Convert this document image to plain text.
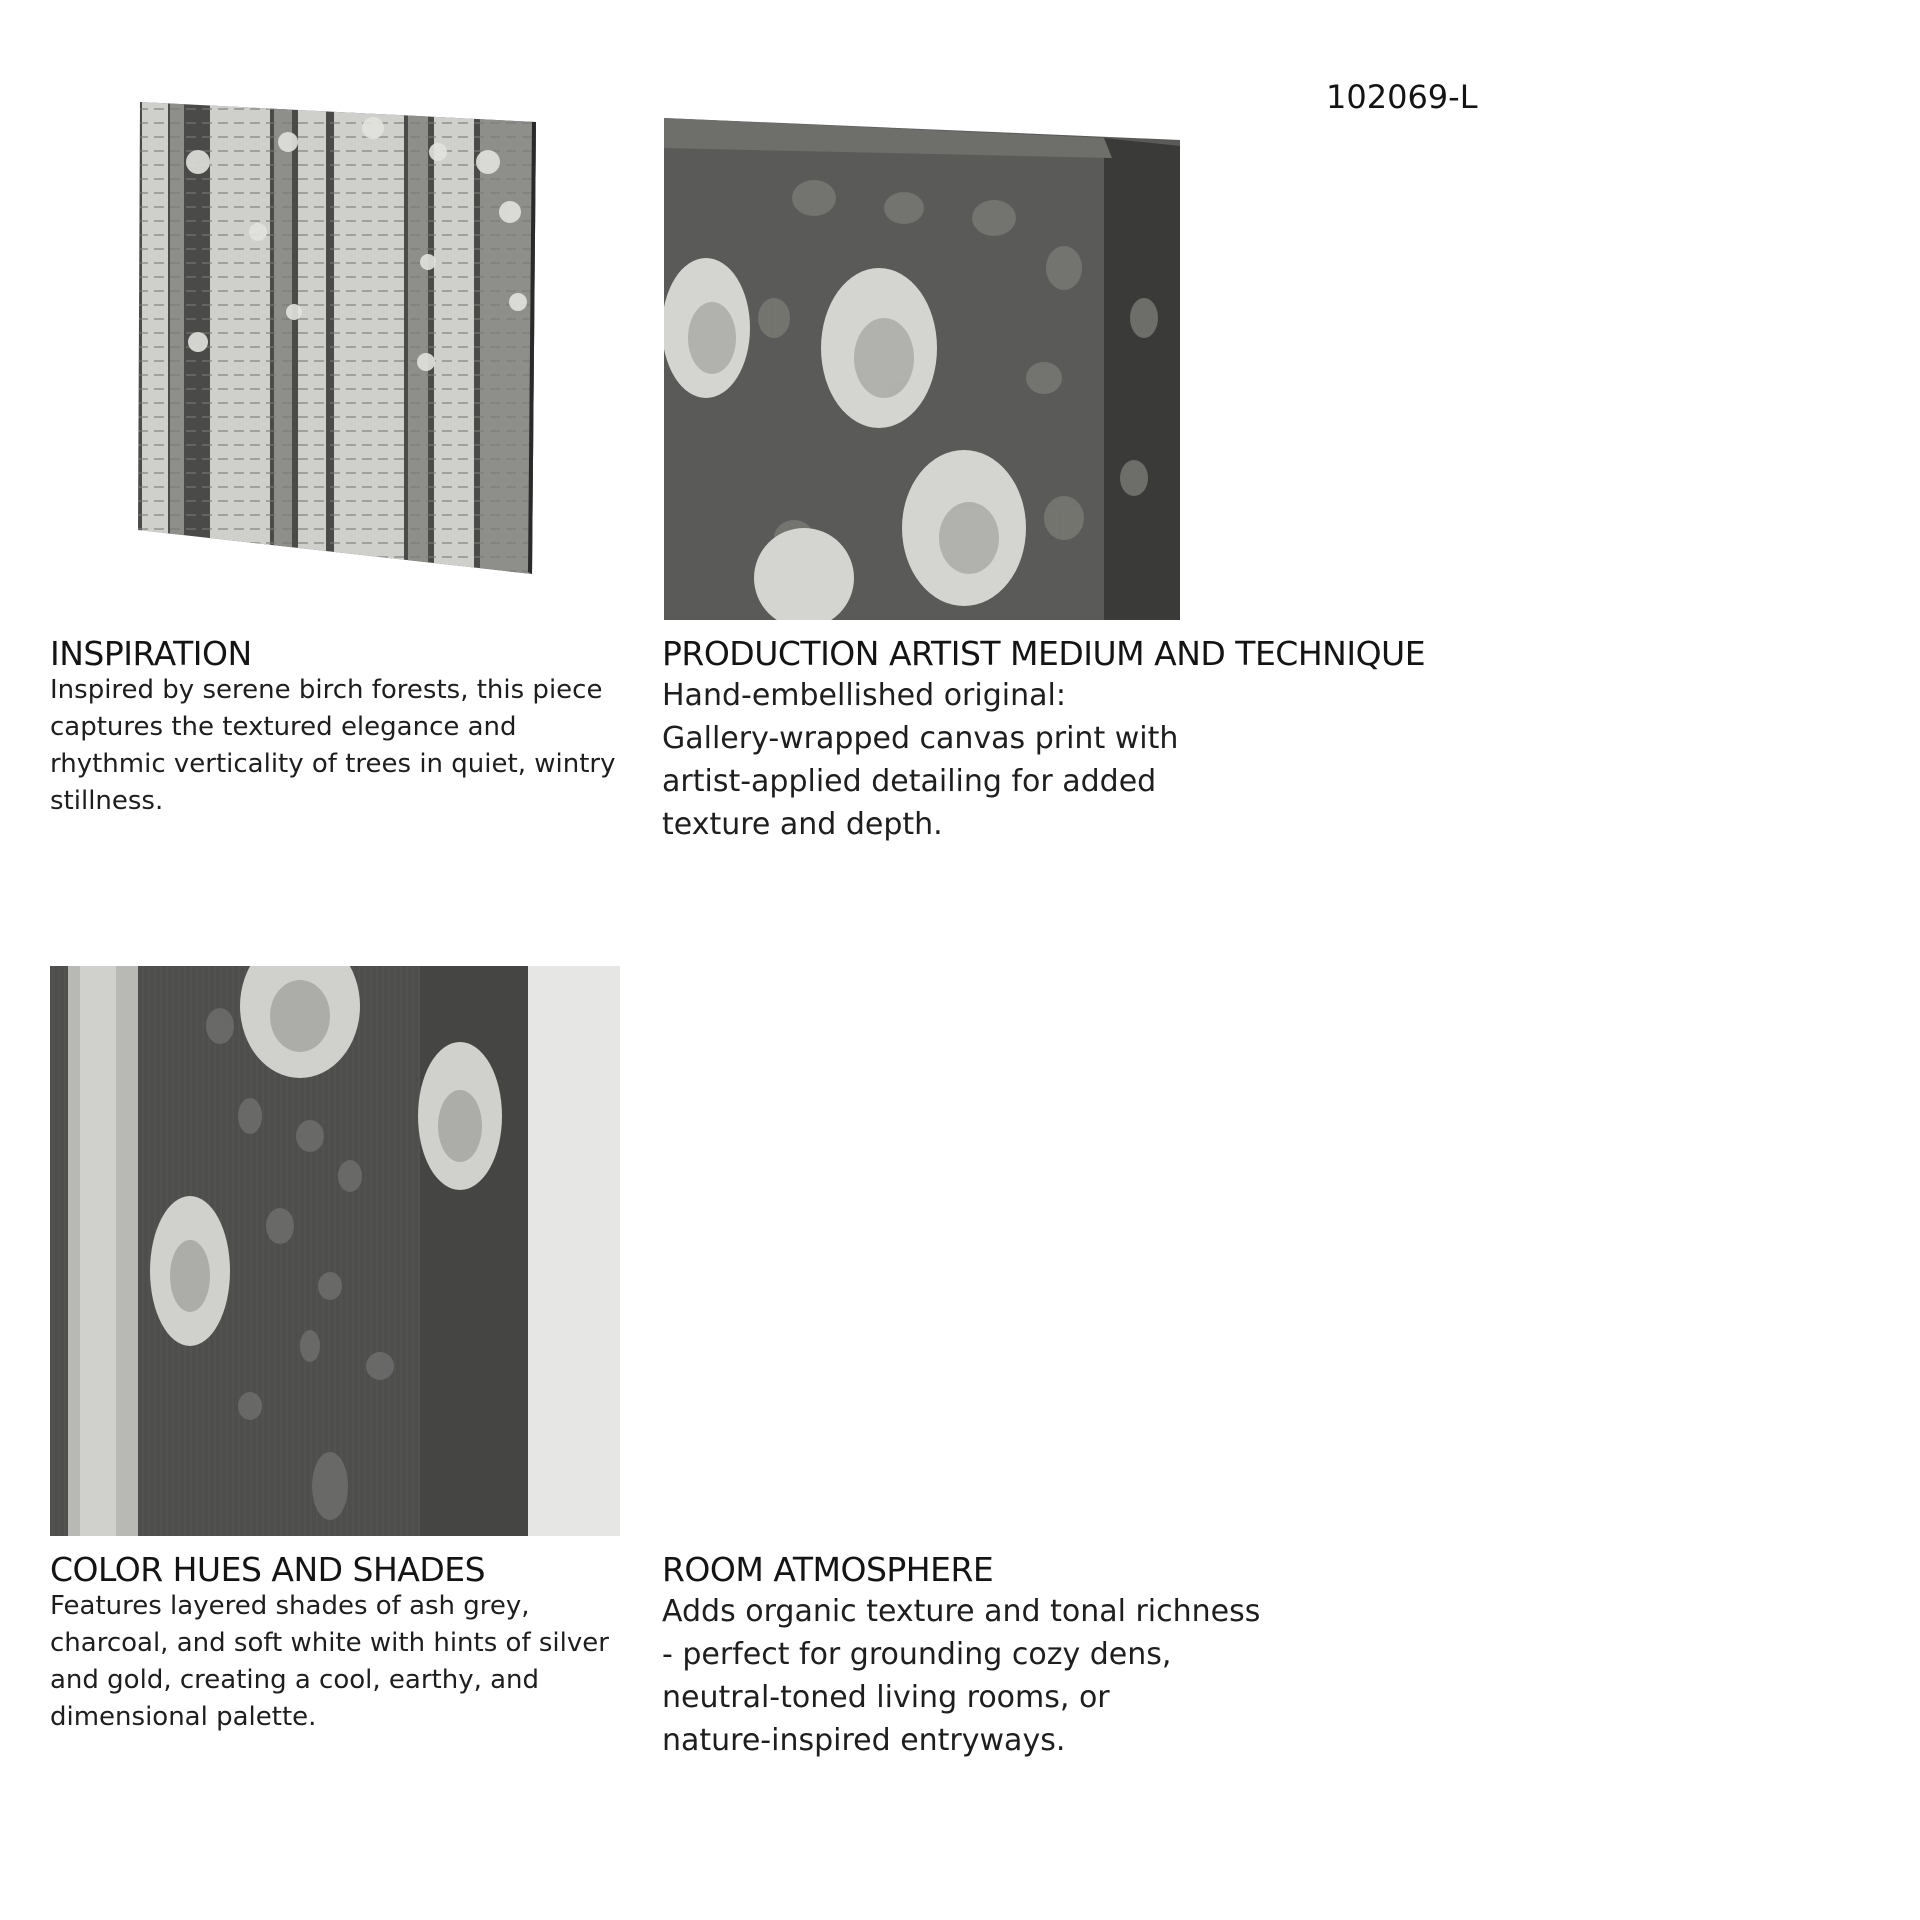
102069-L
INSPIRATION

Inspired by serene birch forests, this piece captures the textured elegance and rhythmic verticality of trees in quiet, wintry stillness.

PRODUCTION ARTIST MEDIUM AND TECHNIQUE
Hand-embellished original:
Gallery-wrapped canvas print with
artist-applied detailing for added
texture and depth.
COLOR HUES AND SHADES

Features layered shades of ash grey, charcoal, and soft white with hints of silver and gold, creating a cool, earthy, and dimensional palette.

ROOM ATMOSPHERE
Adds organic texture and tonal richness
- perfect for grounding cozy dens,
neutral-toned living rooms, or
nature-inspired entryways.
